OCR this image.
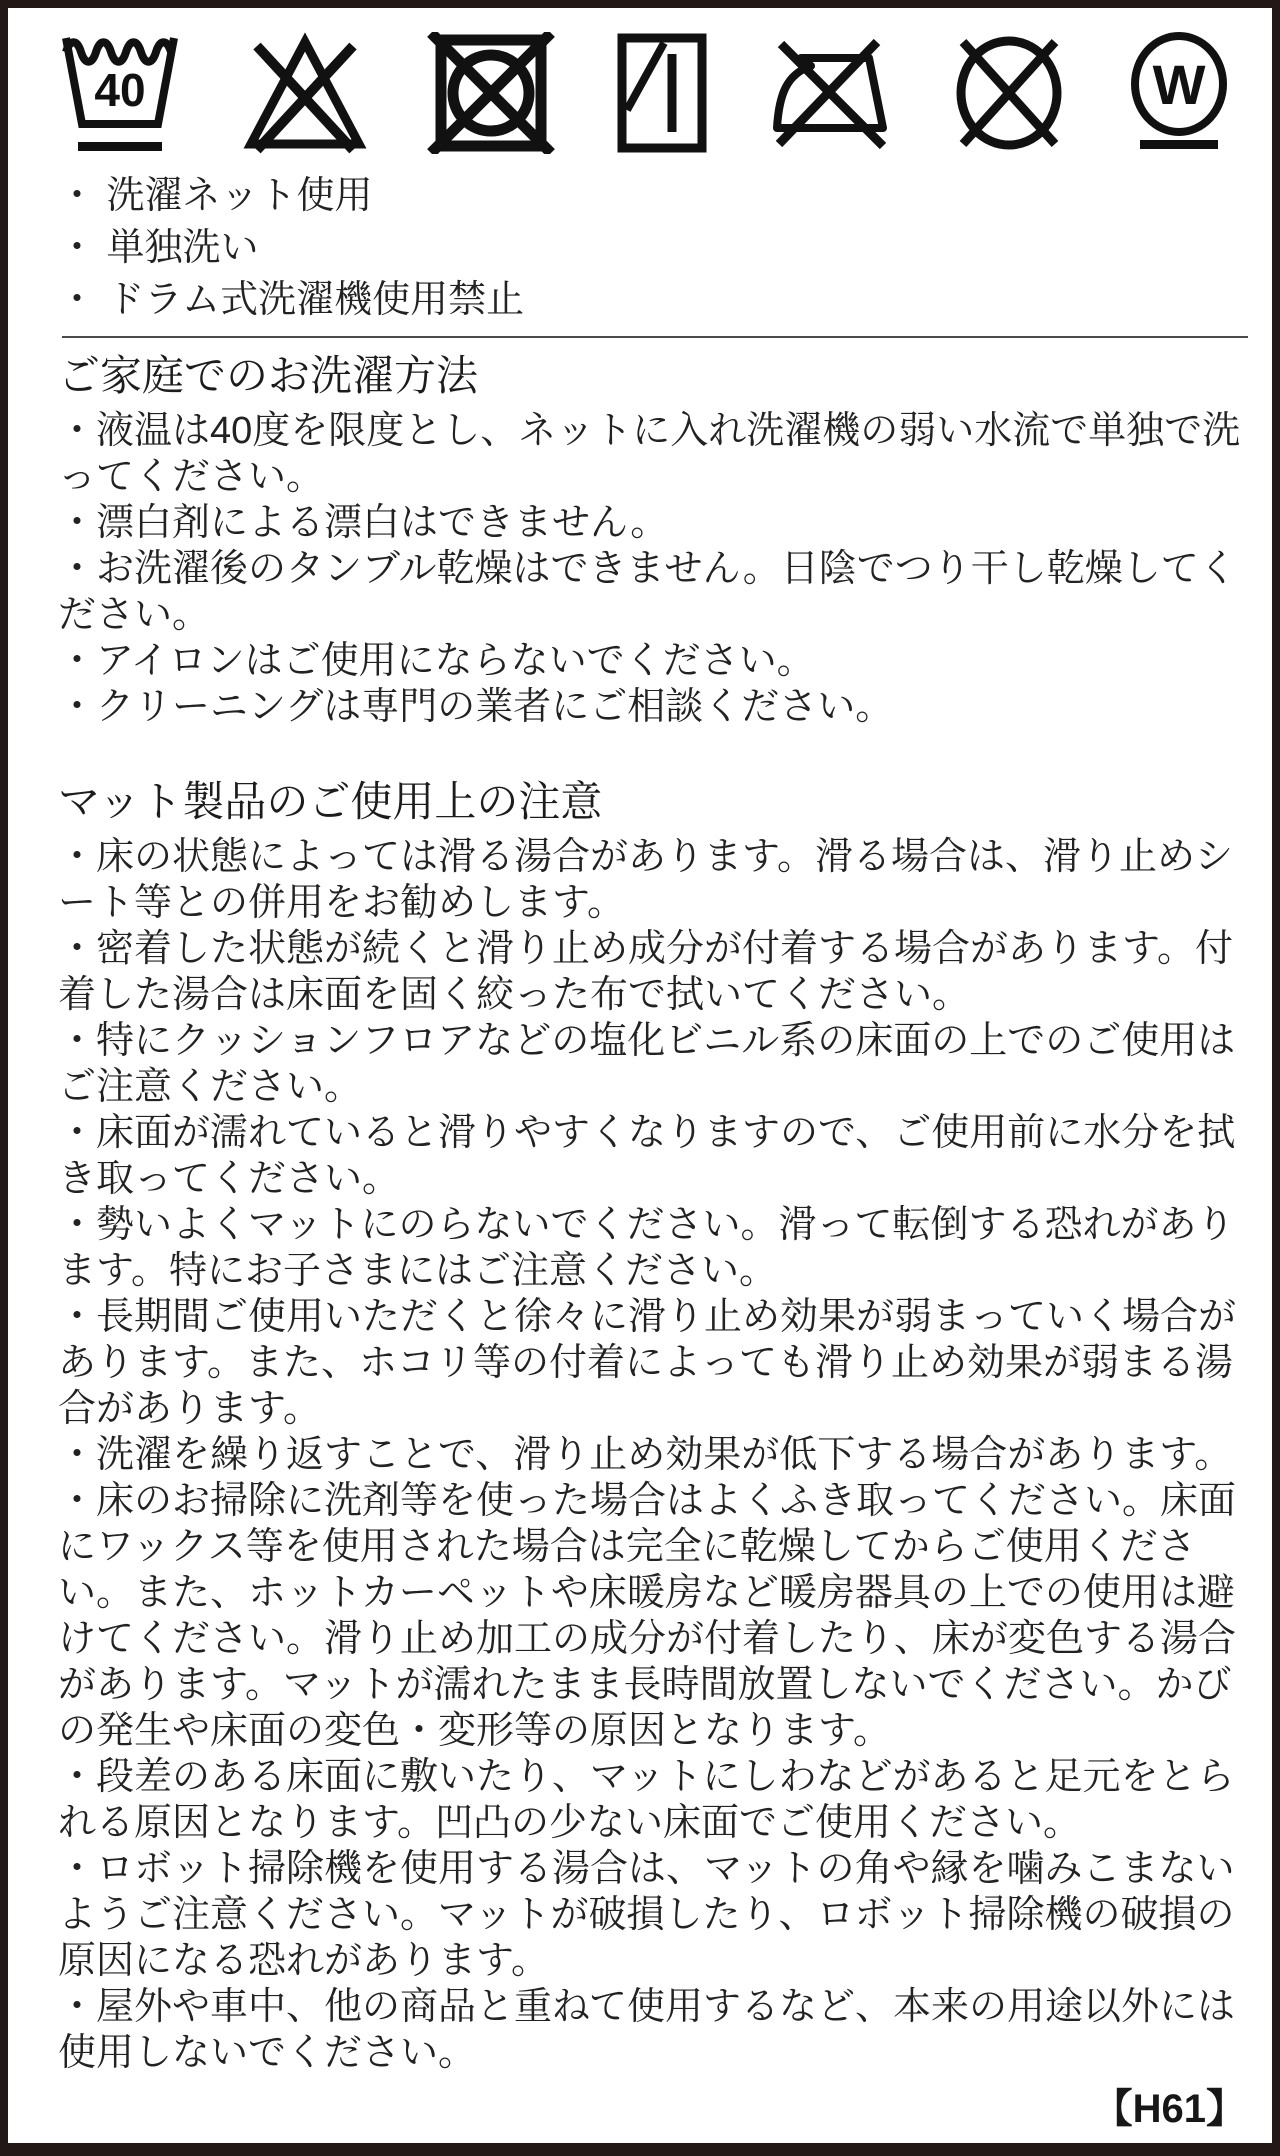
40	W

・ 洗濯ネット使用

・ 単独洗い

・ ドラム式洗濯機使用禁止

ご家庭でのお洗濯方法

・液温は40度を限度とし、ネットに入れ洗濯機の弱い水流で単独で洗ってください。

・漂白剤による漂白はできません。

・お洗濯後のタンブル乾燥はできません。日陰でつり干し乾燥してください。

・アイロンはご使用にならないでください。

・クリーニングは専門の業者にご相談ください。

マット製品のご使用上の注意

・床の状態によっては滑る湯合があります。滑る場合は、滑り止めシート等との併用をお勧めします。

・密着した状態が続くと滑り止め成分が付着する場合があります。付着した湯合は床面を固く絞った布で拭いてください。

・特にクッションフロアなどの塩化ビニル系の床面の上でのご使用はご注意ください。

・床面が濡れていると滑りやすくなりますので、ご使用前に水分を拭き取ってください。

・勢いよくマットにのらないでください。滑って転倒する恐れがあります。特にお子さまにはご注意ください。

・長期間ご使用いただくと徐々に滑り止め効果が弱まっていく場合があります。また、ホコリ等の付着によっても滑り止め効果が弱まる湯合があります。

・洗濯を繰り返すことで、滑り止め効果が低下する場合があります。

・床のお掃除に洗剤等を使った場合はよくふき取ってください。床面にワックス等を使用された場合は完全に乾燥してからご使用ください。また、ホットカーペットや床暖房など暖房器具の上での使用は避けてください。滑り止め加工の成分が付着したり、床が変色する湯合があります。マットが濡れたまま長時間放置しないでください。かびの発生や床面の変色・変形等の原因となります。

・段差のある床面に敷いたり、マットにしわなどがあると足元をとられる原因となります。凹凸の少ない床面でご使用ください。

・ロボット掃除機を使用する湯合は、マットの角や縁を噛みこまないようご注意ください。マットが破損したり、ロボット掃除機の破損の原因になる恐れがあります。

・屋外や車中、他の商品と重ねて使用するなど、本来の用途以外には使用しないでください。

【H61】
